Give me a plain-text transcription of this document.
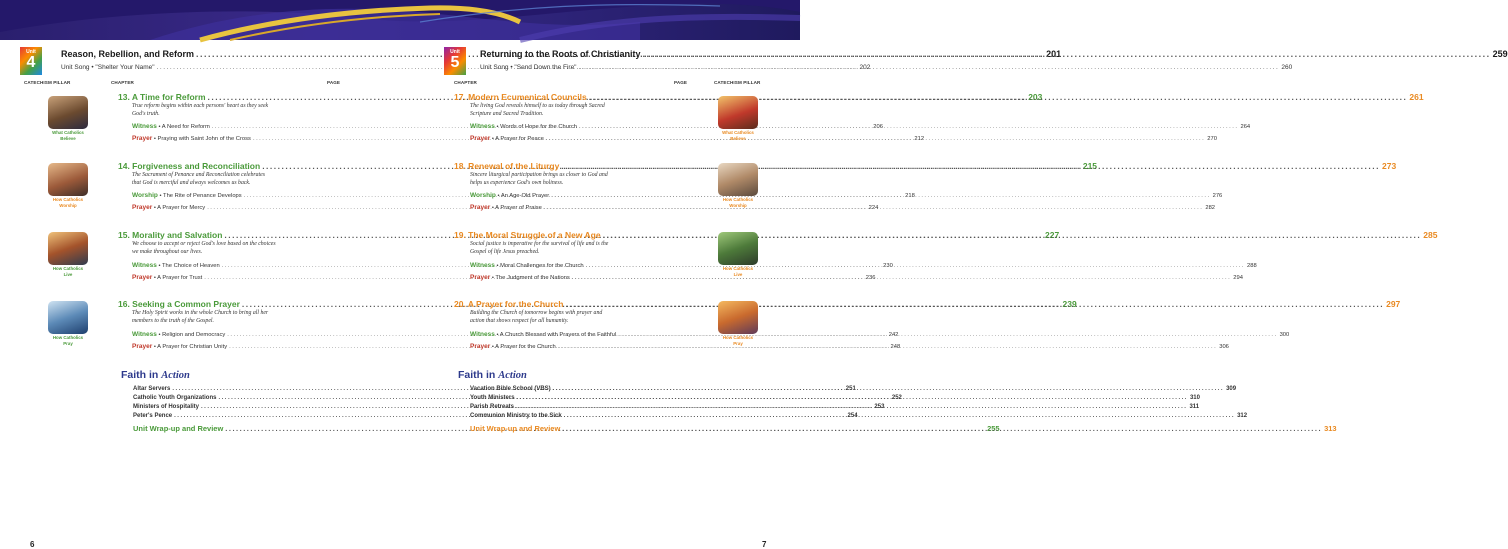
Unit
4	Reason, Rebellion, and Reform .....	201
Unit Song • "Shelter Your Name" .....	202
CATECHISM PILLAR	CHAPTER	PAGE
What Catholics
Believe
13. A Time for Reform .....	203
True reform begins within each persons' heart as they seek
God's truth.
Witness • A Need for Reform .....	206
Prayer • Praying with Saint John of the Cross .....	212
How Catholics
Worship
14. Forgiveness and Reconciliation .....	215
The Sacrament of Penance and Reconciliation celebrates
that God is merciful and always welcomes us back.
Worship • The Rite of Penance Develops .....	218
Prayer • A Prayer for Mercy .....	224
How Catholics
Live
15. Morality and Salvation .....	227
We choose to accept or reject God's love based on the choices
we make throughout our lives.
Witness • The Choice of Heaven .....	230
Prayer • A Prayer for Trust .....	236
How Catholics
Pray
16. Seeking a Common Prayer .....	239
The Holy Spirit works in the whole Church to bring all her
members to the truth of the Gospel.
Witness • Religion and Democracy .....	242
Prayer • A Prayer for Christian Unity .....	248
Faith in Action
Altar Servers .....	251
Catholic Youth Organizations .....	252
Ministers of Hospitality .....	253
Peter's Pence .....	254
Unit Wrap-up and Review .....	255
6
Unit
5	Returning to the Roots of Christianity .....	259
Unit Song • "Send Down the Fire" .....	260
CHAPTER	PAGE	CATECHISM PILLAR
17. Modern Ecumenical Councils .....	261
The living God reveals himself to us today through Sacred
Scripture and Sacred Tradition.
Witness • Words of Hope for the Church .....	264
Prayer • A Prayer for Peace .....	270
What Catholics
Believe
18. Renewal of the Liturgy .....	273
Sincere liturgical participation brings us closer to God and
helps us experience God's own holiness.
Worship • An Age-Old Prayer .....	276
Prayer • A Prayer of Praise .....	282
How Catholics
Worship
19. The Moral Struggle of a New Age .....	285
Social justice is imperative for the survival of life and is the
Gospel of life Jesus preached.
Witness • Moral Challenges for the Church .....	288
Prayer • The Judgment of the Nations .....	294
How Catholics
Live
20. A Prayer for the Church .....	297
Building the Church of tomorrow begins with prayer and
action that shows respect for all humanity.
Witness • A Church Blessed with Prayers of the Faithful .....	300
Prayer • A Prayer for the Church .....	306
How Catholics
Pray
Faith in Action
Vacation Bible School (VBS) .....	309
Youth Ministers .....	310
Parish Retreats .....	311
Communion Ministry to the Sick .....	312
Unit Wrap-up and Review .....	313
7
